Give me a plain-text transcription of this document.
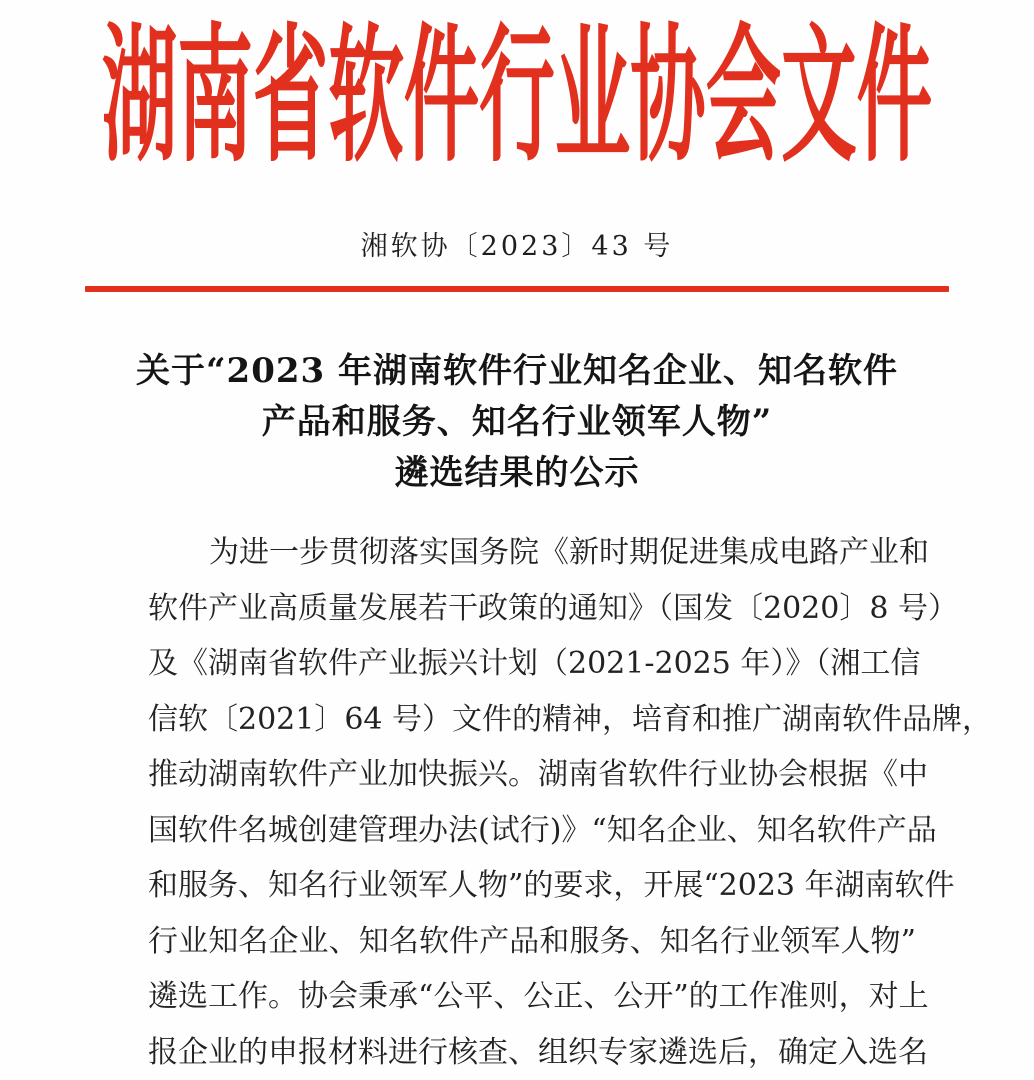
湖南省软件行业协会文件
湘软协〔2023〕43 号
关于“2023 年湖南软件行业知名企业、知名软件
产品和服务、知名行业领军人物”
遴选结果的公示
为进一步贯彻落实国务院《新时期促进集成电路产业和
软件产业高质量发展若干政策的通知》（国发〔2020〕8 号）
及《湖南省软件产业振兴计划（2021-2025 年）》（湘工信
信软〔2021〕64 号）文件的精神，培育和推广湖南软件品牌，
推动湖南软件产业加快振兴。湖南省软件行业协会根据《中
国软件名城创建管理办法(试行)》“知名企业、知名软件产品
和服务、知名行业领军人物”的要求，开展“2023 年湖南软件
行业知名企业、知名软件产品和服务、知名行业领军人物”
遴选工作。协会秉承“公平、公正、公开”的工作准则，对上
报企业的申报材料进行核查、组织专家遴选后，确定入选名
